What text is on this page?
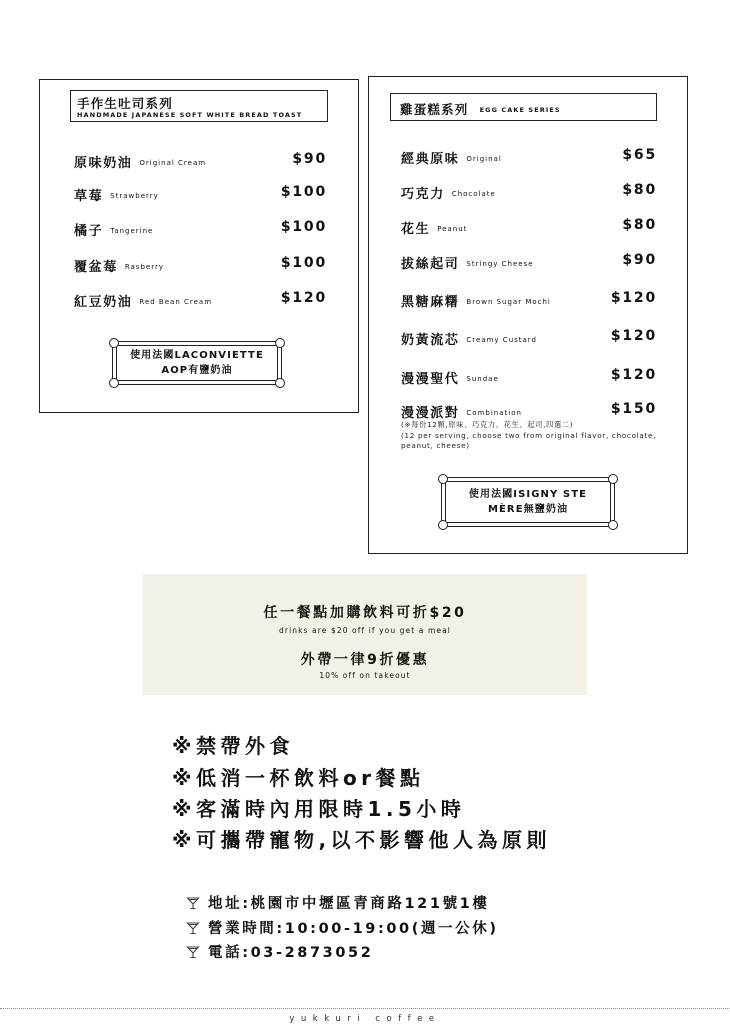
手作生吐司系列
HANDMADE JAPANESE SOFT WHITE BREAD TOAST
原味奶油 Original Cream	$90
草莓 Strawberry	$100
橘子 Tangerine	$100
覆盆莓 Rasberry	$100
紅豆奶油 Red Bean Cream	$120
使用法國LACONVIETTE
AOP有鹽奶油
雞蛋糕系列 EGG CAKE SERIES
經典原味 Original	$65
巧克力 Chocolate	$80
花生 Peanut	$80
拔絲起司 Stringy Cheese	$90
黑糖麻糬 Brown Sugar Mochi	$120
奶黃流芯 Creamy Custard	$120
漫漫聖代 Sundae	$120
漫漫派對 Combination	$150
(※每份12顆,原味、巧克力、花生、起司,四選二)
(12 per serving, choose two from original flavor, chocolate, peanut, cheese)
使用法國ISIGNY STE
MÈRE無鹽奶油
任一餐點加購飲料可折$20
drinks are $20 off if you get a meal
外帶一律9折優惠
10% off on takeout
※禁帶外食
※低消一杯飲料or餐點
※客滿時內用限時1.5小時
※可攜帶寵物,以不影響他人為原則
地址:桃園市中壢區青商路121號1樓
營業時間:10:00-19:00(週一公休)
電話:03-2873052
yukkuri coffee
